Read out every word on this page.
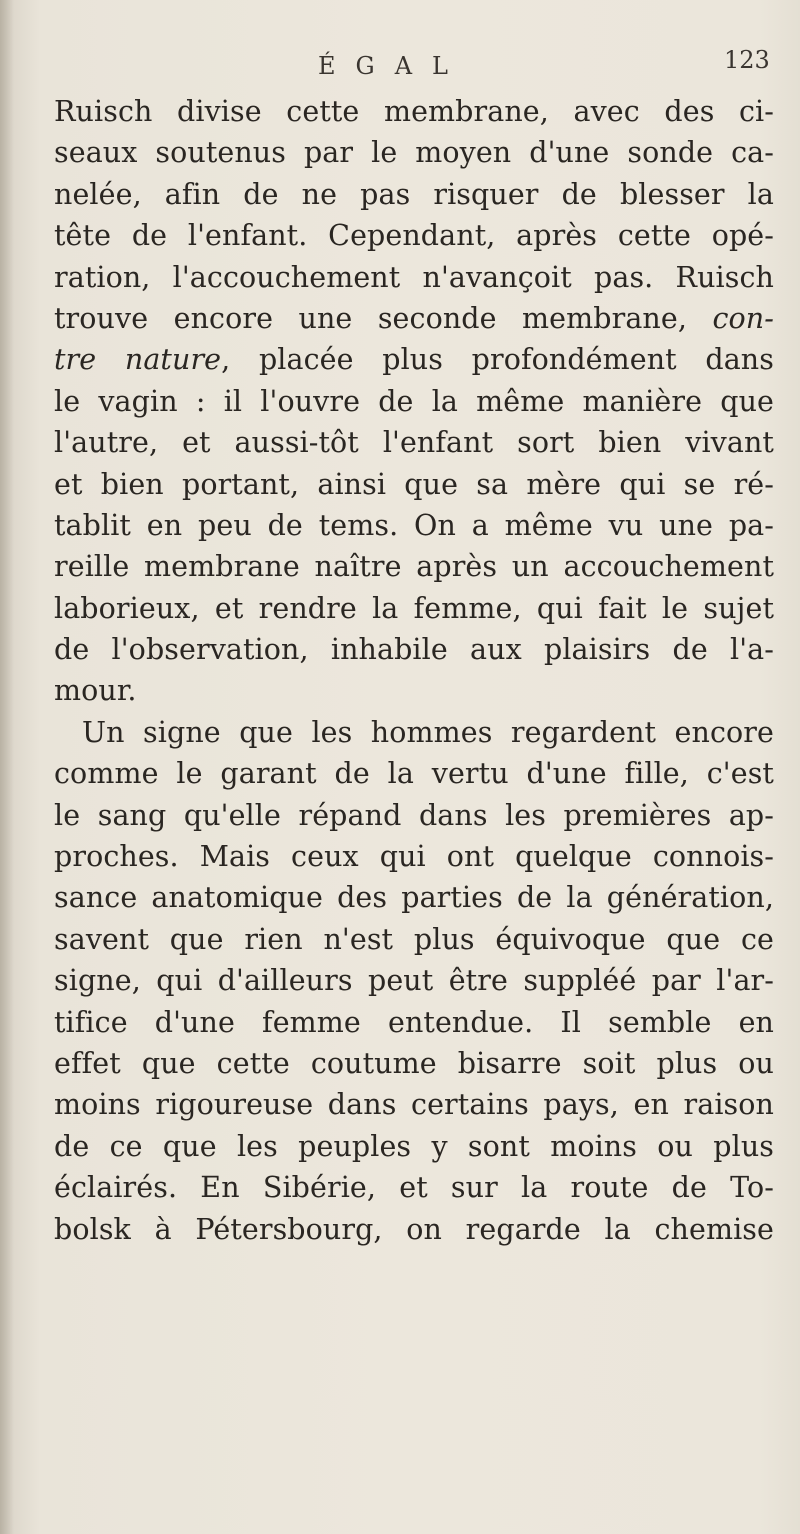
ÉGAL	123
Ruisch divise cette membrane, avec des ci-
seaux soutenus par le moyen d'une sonde ca-
nelée, afin de ne pas risquer de blesser la
tête de l'enfant. Cependant, après cette opé-
ration, l'accouchement n'avançoit pas. Ruisch
trouve encore une seconde membrane, con-
tre nature, placée plus profondément dans
le vagin : il l'ouvre de la même manière que
l'autre, et aussi-tôt l'enfant sort bien vivant
et bien portant, ainsi que sa mère qui se ré-
tablit en peu de tems. On a même vu une pa-
reille membrane naître après un accouchement
laborieux, et rendre la femme, qui fait le sujet
de l'observation, inhabile aux plaisirs de l'a-
mour.
Un signe que les hommes regardent encore
comme le garant de la vertu d'une fille, c'est
le sang qu'elle répand dans les premières ap-
proches. Mais ceux qui ont quelque connois-
sance anatomique des parties de la génération,
savent que rien n'est plus équivoque que ce
signe, qui d'ailleurs peut être suppléé par l'ar-
tifice d'une femme entendue. Il semble en
effet que cette coutume bisarre soit plus ou
moins rigoureuse dans certains pays, en raison
de ce que les peuples y sont moins ou plus
éclairés. En Sibérie, et sur la route de To-
bolsk à Pétersbourg, on regarde la chemise
